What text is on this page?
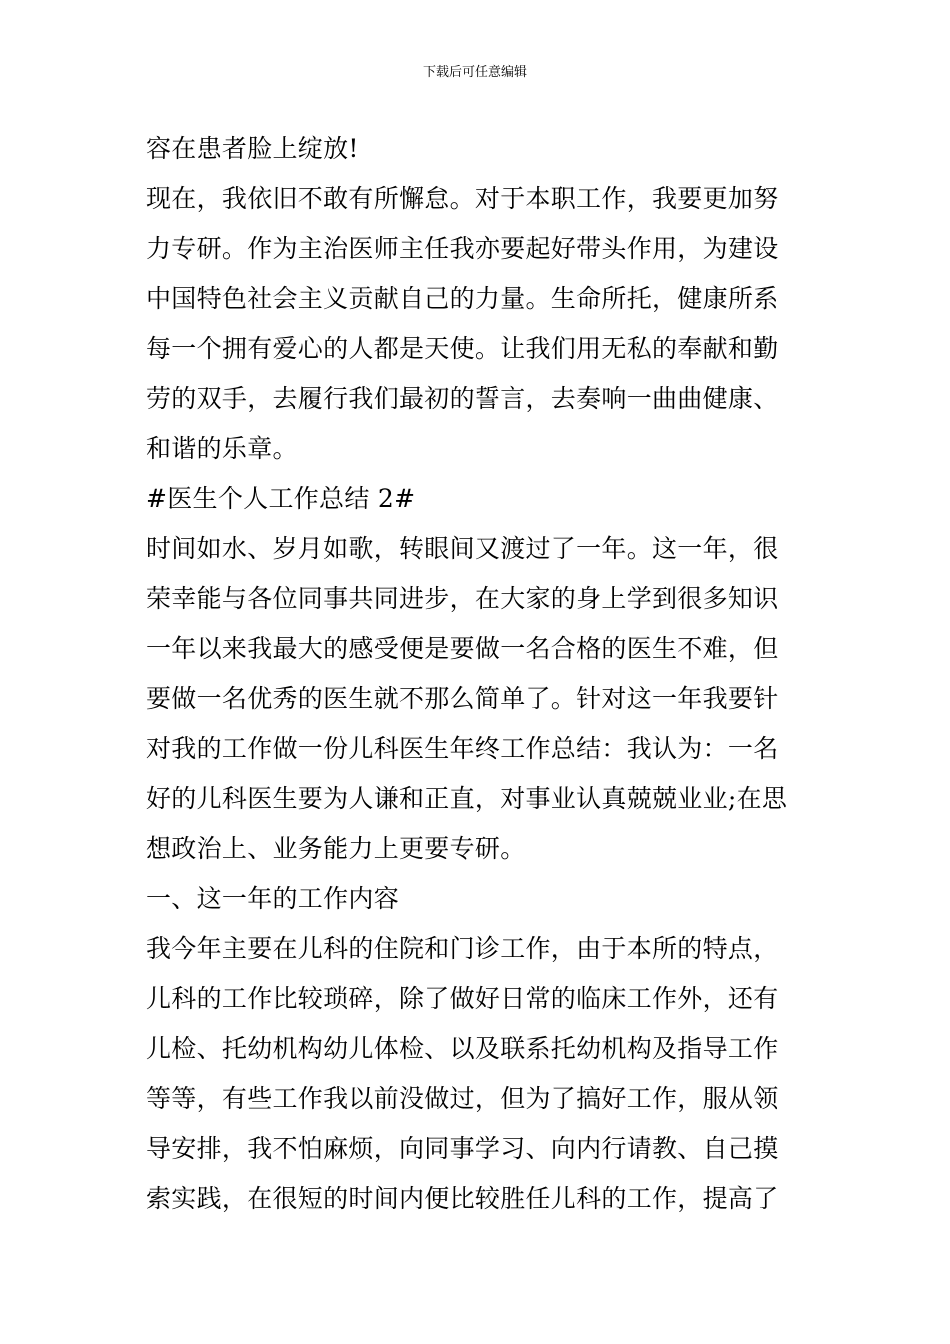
下载后可任意编辑
容在患者脸上绽放!
现在，我依旧不敢有所懈怠。对于本职工作，我要更加努
力专研。作为主治医师主任我亦要起好带头作用，为建设
中国特色社会主义贡献自己的力量。生命所托，健康所系
每一个拥有爱心的人都是天使。让我们用无私的奉献和勤
劳的双手，去履行我们最初的誓言，去奏响一曲曲健康、
和谐的乐章。
#医生个人工作总结 2#
时间如水、岁月如歌，转眼间又渡过了一年。这一年，很
荣幸能与各位同事共同进步，在大家的身上学到很多知识
一年以来我最大的感受便是要做一名合格的医生不难，但
要做一名优秀的医生就不那么简单了。针对这一年我要针
对我的工作做一份儿科医生年终工作总结：我认为：一名
好的儿科医生要为人谦和正直，对事业认真兢兢业业;在思
想政治上、业务能力上更要专研。
一、这一年的工作内容
我今年主要在儿科的住院和门诊工作，由于本所的特点，
儿科的工作比较琐碎，除了做好日常的临床工作外，还有
儿检、托幼机构幼儿体检、以及联系托幼机构及指导工作
等等，有些工作我以前没做过，但为了搞好工作，服从领
导安排，我不怕麻烦，向同事学习、向内行请教、自己摸
索实践，在很短的时间内便比较胜任儿科的工作，提高了
